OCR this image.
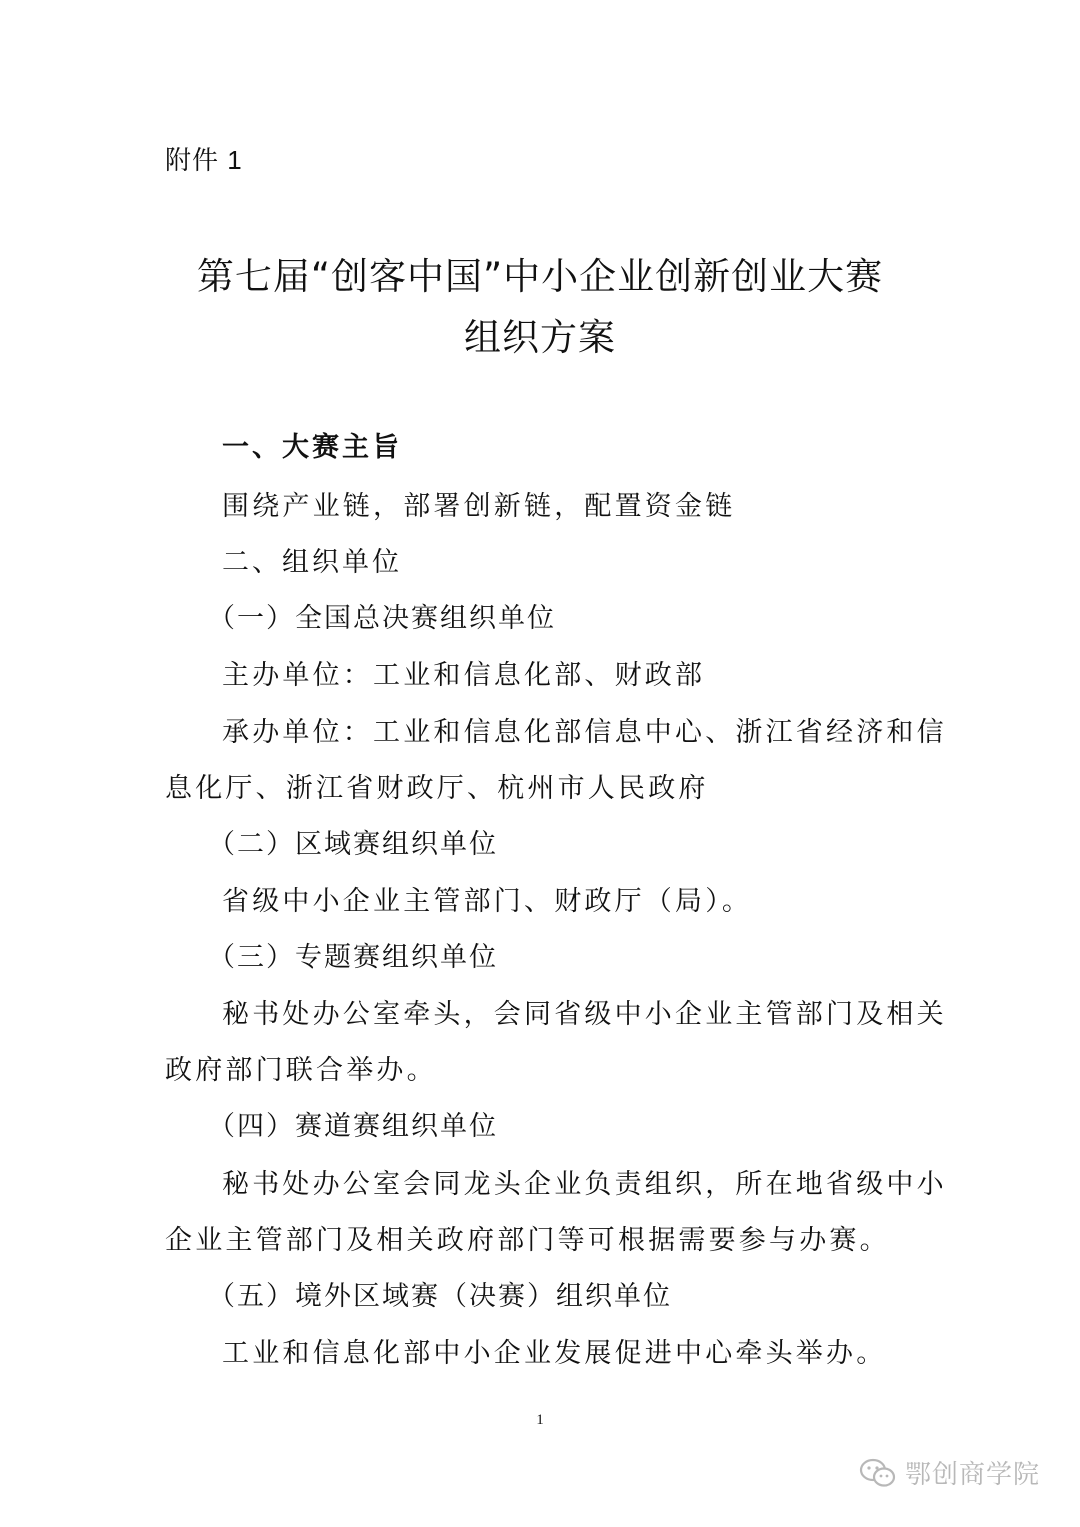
附件 1
第七届“创客中国”中小企业创新创业大赛
组织方案
一、大赛主旨
围绕产业链，部署创新链，配置资金链
二、组织单位
（一）全国总决赛组织单位
主办单位：工业和信息化部、财政部
承办单位：工业和信息化部信息中心、浙江省经济和信
息化厅、浙江省财政厅、杭州市人民政府
（二）区域赛组织单位
省级中小企业主管部门、财政厅（局）。
（三）专题赛组织单位
秘书处办公室牵头，会同省级中小企业主管部门及相关
政府部门联合举办。
（四）赛道赛组织单位
秘书处办公室会同龙头企业负责组织，所在地省级中小
企业主管部门及相关政府部门等可根据需要参与办赛。
（五）境外区域赛（决赛）组织单位
工业和信息化部中小企业发展促进中心牵头举办。
1
鄂创商学院
